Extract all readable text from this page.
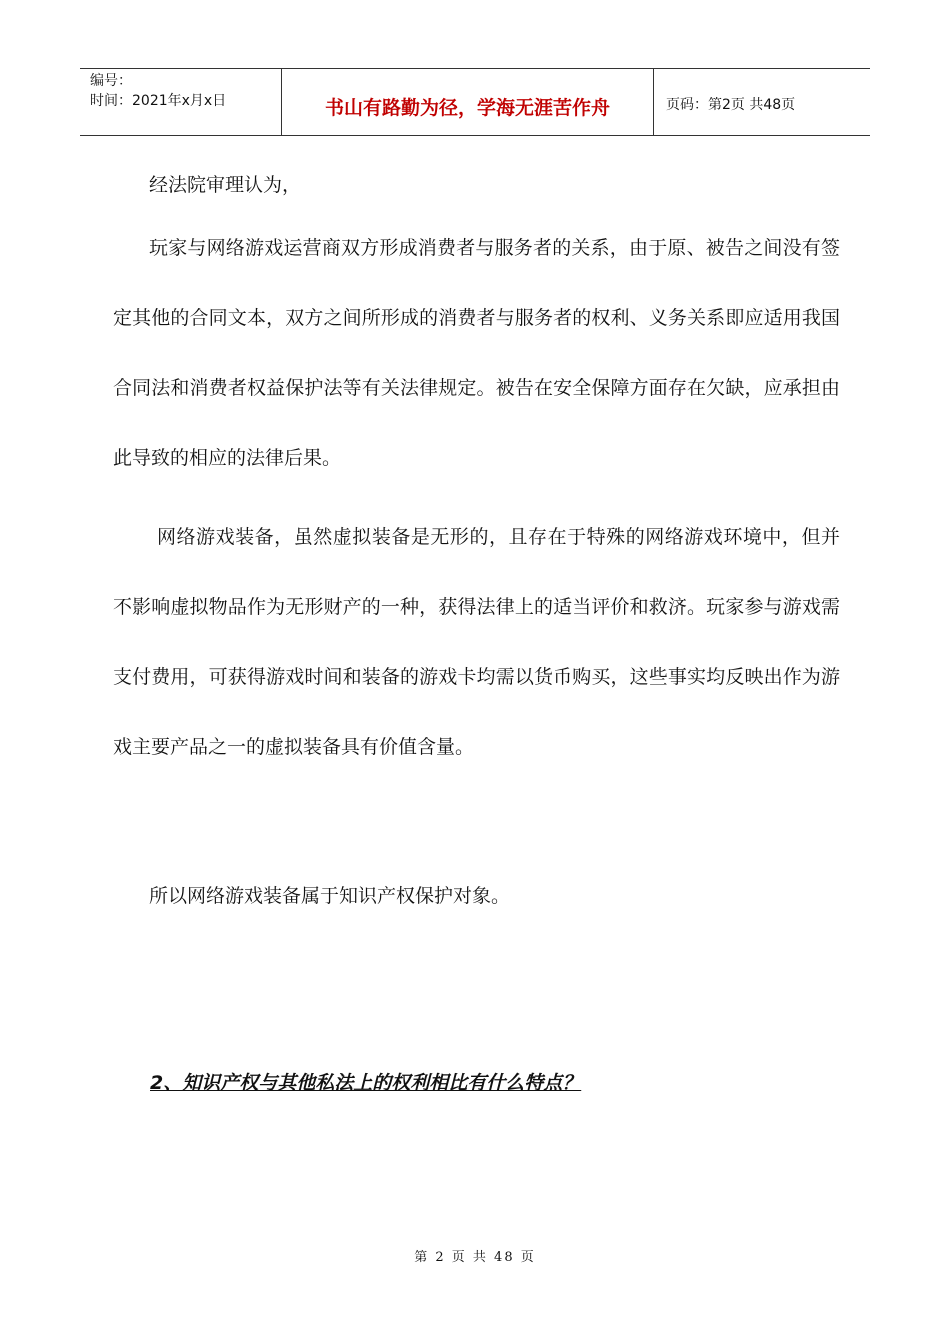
编号：
时间：2021年x月x日	书山有路勤为径，学海无涯苦作舟	页码：第2页 共48页

经法院审理认为，

玩家与网络游戏运营商双方形成消费者与服务者的关系，由于原、被告之间没有签定其他的合同文本，双方之间所形成的消费者与服务者的权利、义务关系即应适用我国合同法和消费者权益保护法等有关法律规定。被告在安全保障方面存在欠缺，应承担由此导致的相应的法律后果。

网络游戏装备，虽然虚拟装备是无形的，且存在于特殊的网络游戏环境中，但并不影响虚拟物品作为无形财产的一种，获得法律上的适当评价和救济。玩家参与游戏需支付费用，可获得游戏时间和装备的游戏卡均需以货币购买，这些事实均反映出作为游戏主要产品之一的虚拟装备具有价值含量。

所以网络游戏装备属于知识产权保护对象。

2、知识产权与其他私法上的权利相比有什么特点？

第 2 页 共 48 页
